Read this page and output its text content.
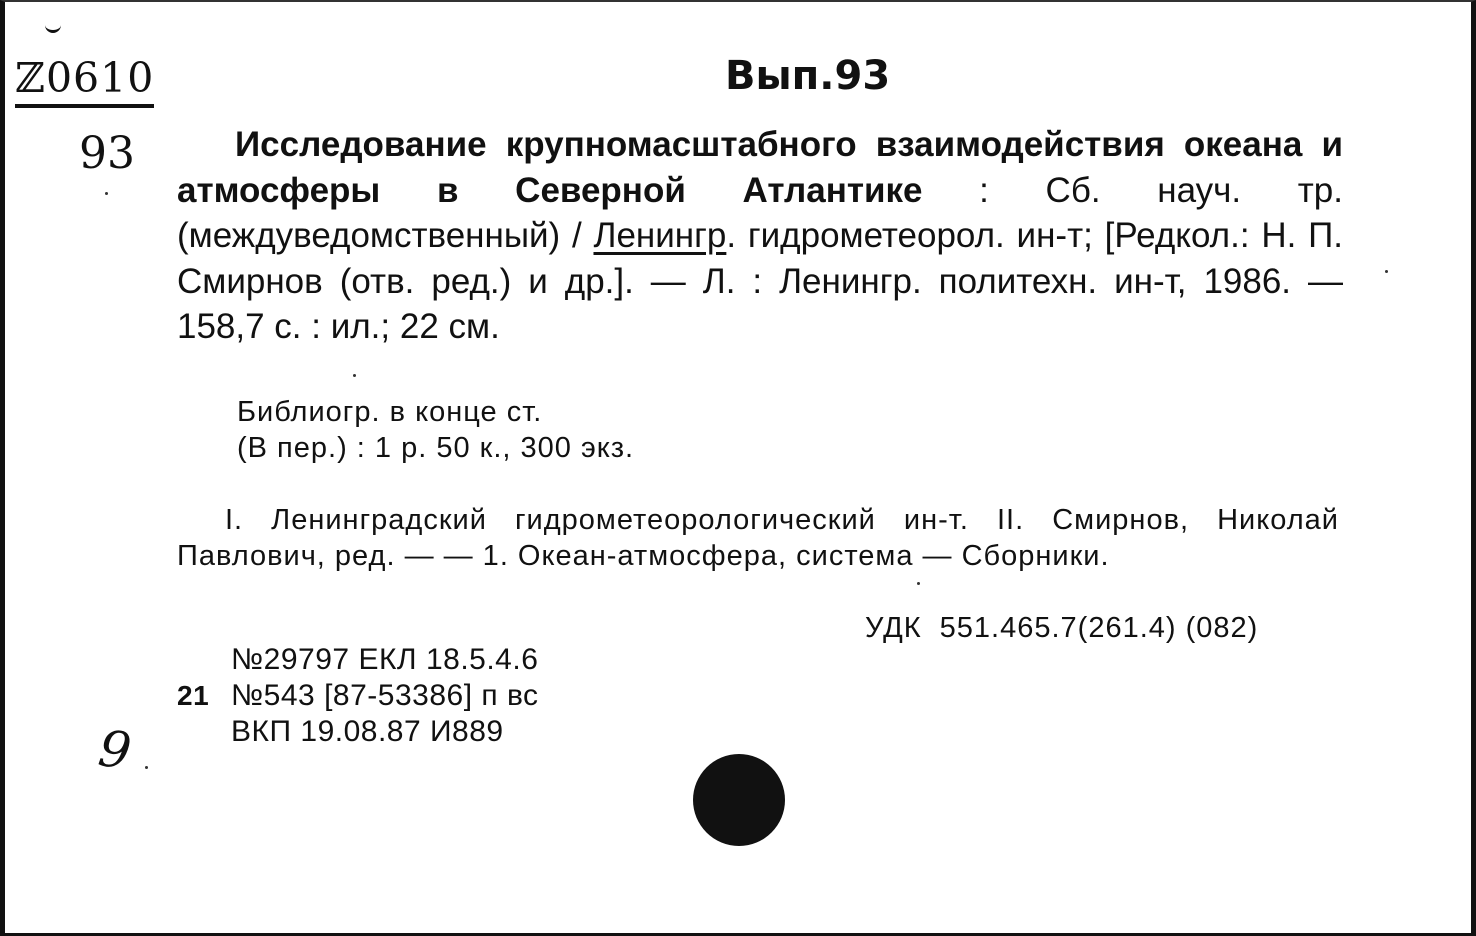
ℤ0610	Вып.93
93	Исследование крупномасштабного взаимодействия океана и атмосферы в Северной Атлантике : Сб. науч. тр. (междуведомственный) / Ленингр. гидрометеорол. ин-т; [Редкол.: Н. П. Смирнов (отв. ред.) и др.]. — Л. : Ленингр. политехн. ин-т, 1986. — 158,7 с. : ил.; 22 см.
Библиогр. в конце ст.
(В пер.) : 1 р. 50 к., 300 экз.
I. Ленинградский гидрометеорологический ин-т. II. Смирнов, Николай Павлович, ред. — — 1. Океан-атмосфера, система — Сборники.
УДК 551.465.7(261.4) (082)
№29797 ЕКЛ 18.5.4.6
21 №543 [87-53386] п вс
ВКП 19.08.87 И889
9
